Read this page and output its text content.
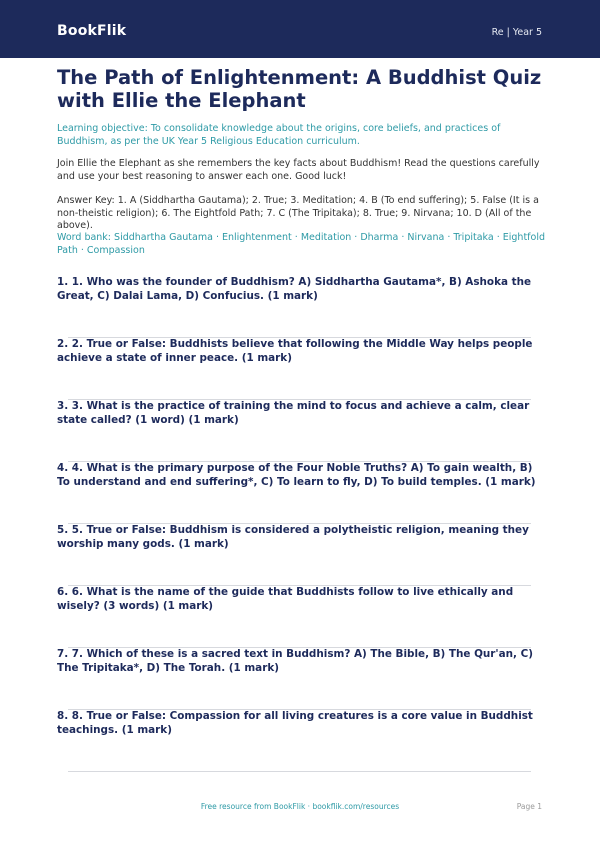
BookFlik	Re | Year 5
The Path of Enlightenment: A Buddhist Quiz with Ellie the Elephant

Learning objective: To consolidate knowledge about the origins, core beliefs, and practices of Buddhism, as per the UK Year 5 Religious Education curriculum.

Join Ellie the Elephant as she remembers the key facts about Buddhism! Read the questions carefully and use your best reasoning to answer each one. Good luck!

Answer Key: 1. A (Siddhartha Gautama); 2. True; 3. Meditation; 4. B (To end suffering); 5. False (It is a non-theistic religion); 6. The Eightfold Path; 7. C (The Tripitaka); 8. True; 9. Nirvana; 10. D (All of the above).

Word bank: Siddhartha Gautama · Enlightenment · Meditation · Dharma · Nirvana · Tripitaka · Eightfold Path · Compassion

1. 1. Who was the founder of Buddhism? A) Siddhartha Gautama*, B) Ashoka the Great, C) Dalai Lama, D) Confucius. (1 mark)
2. 2. True or False: Buddhists believe that following the Middle Way helps people achieve a state of inner peace. (1 mark)
3. 3. What is the practice of training the mind to focus and achieve a calm, clear state called? (1 word) (1 mark)
4. 4. What is the primary purpose of the Four Noble Truths? A) To gain wealth, B) To understand and end suffering*, C) To learn to fly, D) To build temples. (1 mark)
5. 5. True or False: Buddhism is considered a polytheistic religion, meaning they worship many gods. (1 mark)
6. 6. What is the name of the guide that Buddhists follow to live ethically and wisely? (3 words) (1 mark)
7. 7. Which of these is a sacred text in Buddhism? A) The Bible, B) The Qur'an, C) The Tripitaka*, D) The Torah. (1 mark)
8. 8. True or False: Compassion for all living creatures is a core value in Buddhist teachings. (1 mark)
Free resource from BookFlik · bookflik.com/resources	Page 1
